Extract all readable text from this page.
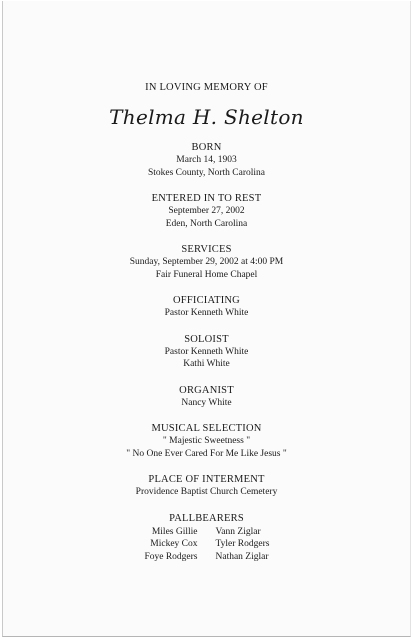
IN LOVING MEMORY OF
Thelma H. Shelton
BORN
March 14, 1903
Stokes County, North Carolina
ENTERED IN TO REST
September 27, 2002
Eden, North Carolina
SERVICES
Sunday, September 29, 2002 at 4:00 PM
Fair Funeral Home Chapel
OFFICIATING
Pastor Kenneth White
SOLOIST
Pastor Kenneth White
Kathi White
ORGANIST
Nancy White
MUSICAL SELECTION
" Majestic Sweetness "
" No One Ever Cared For Me Like Jesus "
PLACE OF INTERMENT
Providence Baptist Church Cemetery
PALLBEARERS
Miles Gillie	Vann Ziglar
Mickey Cox	Tyler Rodgers
Foye Rodgers	Nathan Ziglar
